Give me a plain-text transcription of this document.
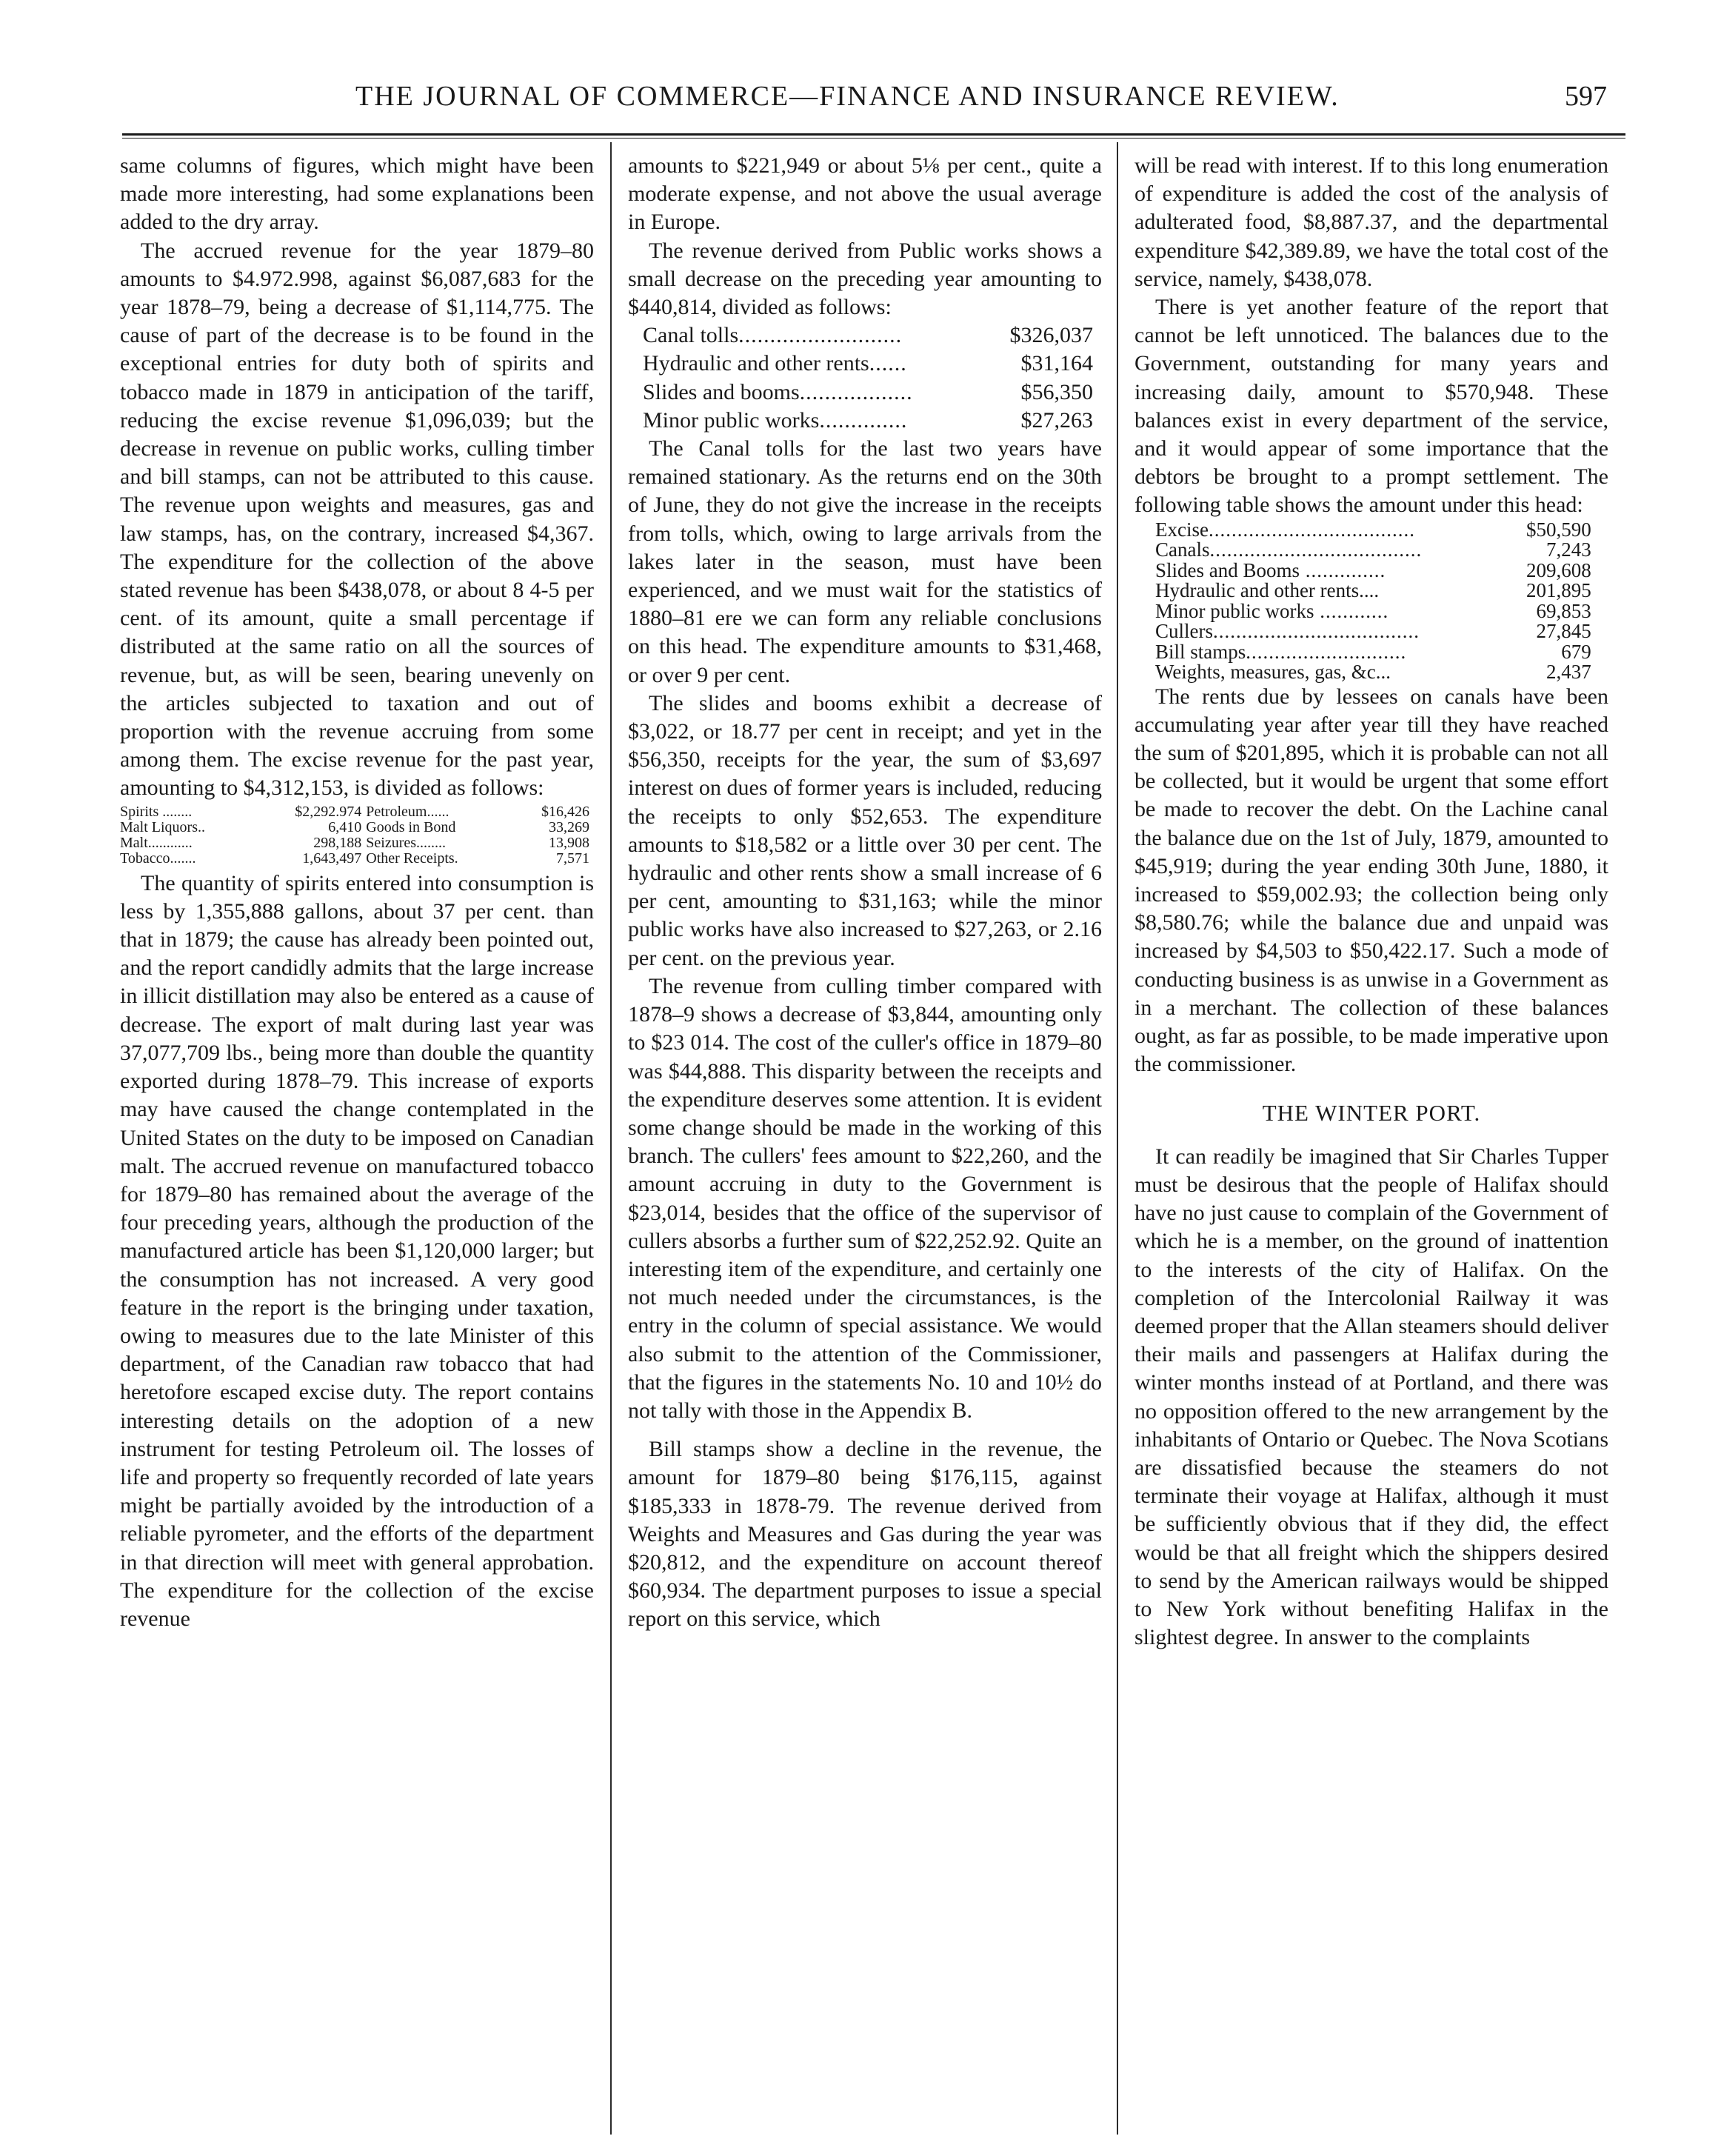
THE JOURNAL OF COMMERCE—FINANCE AND INSURANCE REVIEW.	597

same columns of figures, which might have been made more interesting, had some explanations been added to the dry array.

The accrued revenue for the year 1879–80 amounts to $4.972.998, against $6,087,683 for the year 1878–79, being a decrease of $1,114,775. The cause of part of the decrease is to be found in the exceptional entries for duty both of spirits and tobacco made in 1879 in anticipation of the tariff, reducing the excise revenue $1,096,039; but the decrease in revenue on public works, culling timber and bill stamps, can not be attributed to this cause. The revenue upon weights and measures, gas and law stamps, has, on the contrary, increased $4,367. The expenditure for the collection of the above stated revenue has been $438,078, or about 8 4-5 per cent. of its amount, quite a small percentage if distributed at the same ratio on all the sources of revenue, but, as will be seen, bearing unevenly on the articles subjected to taxation and out of proportion with the revenue accruing from some among them. The excise revenue for the past year, amounting to $4,312,153, is divided as follows:

Spirits ........	$2,292.974	Petroleum......	$16,426
Malt Liquors..	6,410	Goods in Bond	33,269
Malt............	298,188	Seizures........	13,908
Tobacco.......	1,643,497	Other Receipts.	7,571

The quantity of spirits entered into consumption is less by 1,355,888 gallons, about 37 per cent. than that in 1879; the cause has already been pointed out, and the report candidly admits that the large increase in illicit distillation may also be entered as a cause of decrease. The export of malt during last year was 37,077,709 lbs., being more than double the quantity exported during 1878–79. This increase of exports may have caused the change contemplated in the United States on the duty to be imposed on Canadian malt. The accrued revenue on manufactured tobacco for 1879–80 has remained about the average of the four preceding years, although the production of the manufactured article has been $1,120,000 larger; but the consumption has not increased. A very good feature in the report is the bringing under taxation, owing to measures due to the late Minister of this department, of the Canadian raw tobacco that had heretofore escaped excise duty. The report contains interesting details on the adoption of a new instrument for testing Petroleum oil. The losses of life and property so frequently recorded of late years might be partially avoided by the introduction of a reliable pyrometer, and the efforts of the department in that direction will meet with general approbation. The expenditure for the collection of the excise revenue

amounts to $221,949 or about 5⅛ per cent., quite a moderate expense, and not above the usual average in Europe.

The revenue derived from Public works shows a small decrease on the preceding year amounting to $440,814, divided as follows:

Canal tolls..........................	$326,037
Hydraulic and other rents......	$31,164
Slides and booms..................	$56,350
Minor public works..............	$27,263

The Canal tolls for the last two years have remained stationary. As the returns end on the 30th of June, they do not give the increase in the receipts from tolls, which, owing to large arrivals from the lakes later in the season, must have been experienced, and we must wait for the statistics of 1880–81 ere we can form any reliable conclusions on this head. The expenditure amounts to $31,468, or over 9 per cent.

The slides and booms exhibit a decrease of $3,022, or 18.77 per cent in receipt; and yet in the $56,350, receipts for the year, the sum of $3,697 interest on dues of former years is included, reducing the receipts to only $52,653. The expenditure amounts to $18,582 or a little over 30 per cent. The hydraulic and other rents show a small increase of 6 per cent, amounting to $31,163; while the minor public works have also increased to $27,263, or 2.16 per cent. on the previous year.

The revenue from culling timber compared with 1878–9 shows a decrease of $3,844, amounting only to $23 014. The cost of the culler's office in 1879–80 was $44,888. This disparity between the receipts and the expenditure deserves some attention. It is evident some change should be made in the working of this branch. The cullers' fees amount to $22,260, and the amount accruing in duty to the Government is $23,014, besides that the office of the supervisor of cullers absorbs a further sum of $22,252.92. Quite an interesting item of the expenditure, and certainly one not much needed under the circumstances, is the entry in the column of special assistance. We would also submit to the attention of the Commissioner, that the figures in the statements No. 10 and 10½ do not tally with those in the Appendix B.

Bill stamps show a decline in the revenue, the amount for 1879–80 being $176,115, against $185,333 in 1878-79. The revenue derived from Weights and Measures and Gas during the year was $20,812, and the expenditure on account thereof $60,934. The department purposes to issue a special report on this service, which

will be read with interest. If to this long enumeration of expenditure is added the cost of the analysis of adulterated food, $8,887.37, and the departmental expenditure $42,389.89, we have the total cost of the service, namely, $438,078.

There is yet another feature of the report that cannot be left unnoticed. The balances due to the Government, outstanding for many years and increasing daily, amount to $570,948. These balances exist in every department of the service, and it would appear of some importance that the debtors be brought to a prompt settlement. The following table shows the amount under this head:

Excise....................................	$50,590
Canals.....................................	7,243
Slides and Booms ..............	209,608
Hydraulic and other rents....	201,895
Minor public works ............	69,853
Cullers....................................	27,845
Bill stamps............................	679
Weights, measures, gas, &c...	2,437

The rents due by lessees on canals have been accumulating year after year till they have reached the sum of $201,895, which it is probable can not all be collected, but it would be urgent that some effort be made to recover the debt. On the Lachine canal the balance due on the 1st of July, 1879, amounted to $45,919; during the year ending 30th June, 1880, it increased to $59,002.93; the collection being only $8,580.76; while the balance due and unpaid was increased by $4,503 to $50,422.17. Such a mode of conducting business is as unwise in a Government as in a merchant. The collection of these balances ought, as far as possible, to be made imperative upon the commissioner.

THE WINTER PORT.

It can readily be imagined that Sir Charles Tupper must be desirous that the people of Halifax should have no just cause to complain of the Government of which he is a member, on the ground of inattention to the interests of the city of Halifax. On the completion of the Intercolonial Railway it was deemed proper that the Allan steamers should deliver their mails and passengers at Halifax during the winter months instead of at Portland, and there was no opposition offered to the new arrangement by the inhabitants of Ontario or Quebec. The Nova Scotians are dissatisfied because the steamers do not terminate their voyage at Halifax, although it must be sufficiently obvious that if they did, the effect would be that all freight which the shippers desired to send by the American railways would be shipped to New York without benefiting Halifax in the slightest degree. In answer to the complaints
